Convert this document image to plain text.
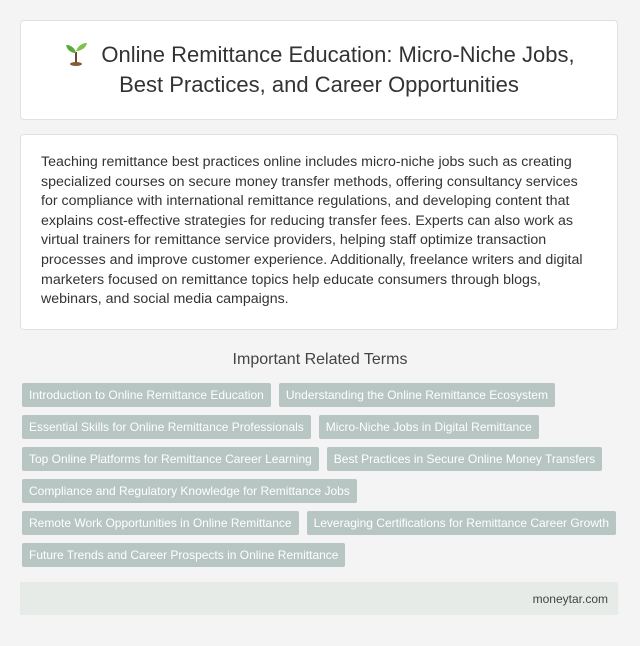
Online Remittance Education: Micro-Niche Jobs, Best Practices, and Career Opportunities

Teaching remittance best practices online includes micro-niche jobs such as creating specialized courses on secure money transfer methods, offering consultancy services for compliance with international remittance regulations, and developing content that explains cost-effective strategies for reducing transfer fees. Experts can also work as virtual trainers for remittance service providers, helping staff optimize transaction processes and improve customer experience. Additionally, freelance writers and digital marketers focused on remittance topics help educate consumers through blogs, webinars, and social media campaigns.

Important Related Terms
Introduction to Online Remittance Education	Understanding the Online Remittance Ecosystem
Essential Skills for Online Remittance Professionals	Micro-Niche Jobs in Digital Remittance
Top Online Platforms for Remittance Career Learning	Best Practices in Secure Online Money Transfers
Compliance and Regulatory Knowledge for Remittance Jobs
Remote Work Opportunities in Online Remittance	Leveraging Certifications for Remittance Career Growth
Future Trends and Career Prospects in Online Remittance
moneytar.com
